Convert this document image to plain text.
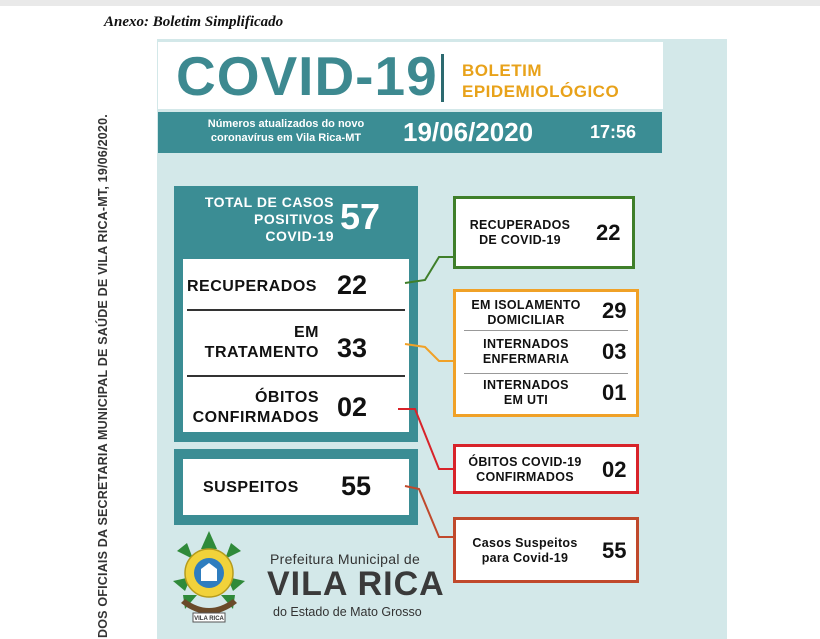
Anexo: Boletim Simplificado
DOS OFICIAIS DA SECRETARIA MUNICIPAL DE SAÚDE DE VILA RICA-MT, 19/06/2020.
COVID-19 BOLETIM
EPIDEMIOLÓGICO
Números atualizados do novo
coronavírus em Vila Rica-MT	19/06/2020	17:56
TOTAL DE CASOS
POSITIVOS
COVID-19 57
RECUPERADOS 22
EM
TRATAMENTO 33
ÓBITOS
CONFIRMADOS 02
SUSPEITOS 55
RECUPERADOS
DE COVID-19	22
EM ISOLAMENTO
DOMICILIAR	29
INTERNADOS
ENFERMARIA	03
INTERNADOS
EM UTI	01
ÓBITOS COVID-19
CONFIRMADOS	02
Casos Suspeitos
para Covid-19	55
VILA RICA
Prefeitura Municipal de
VILA RICA
do Estado de Mato Grosso
